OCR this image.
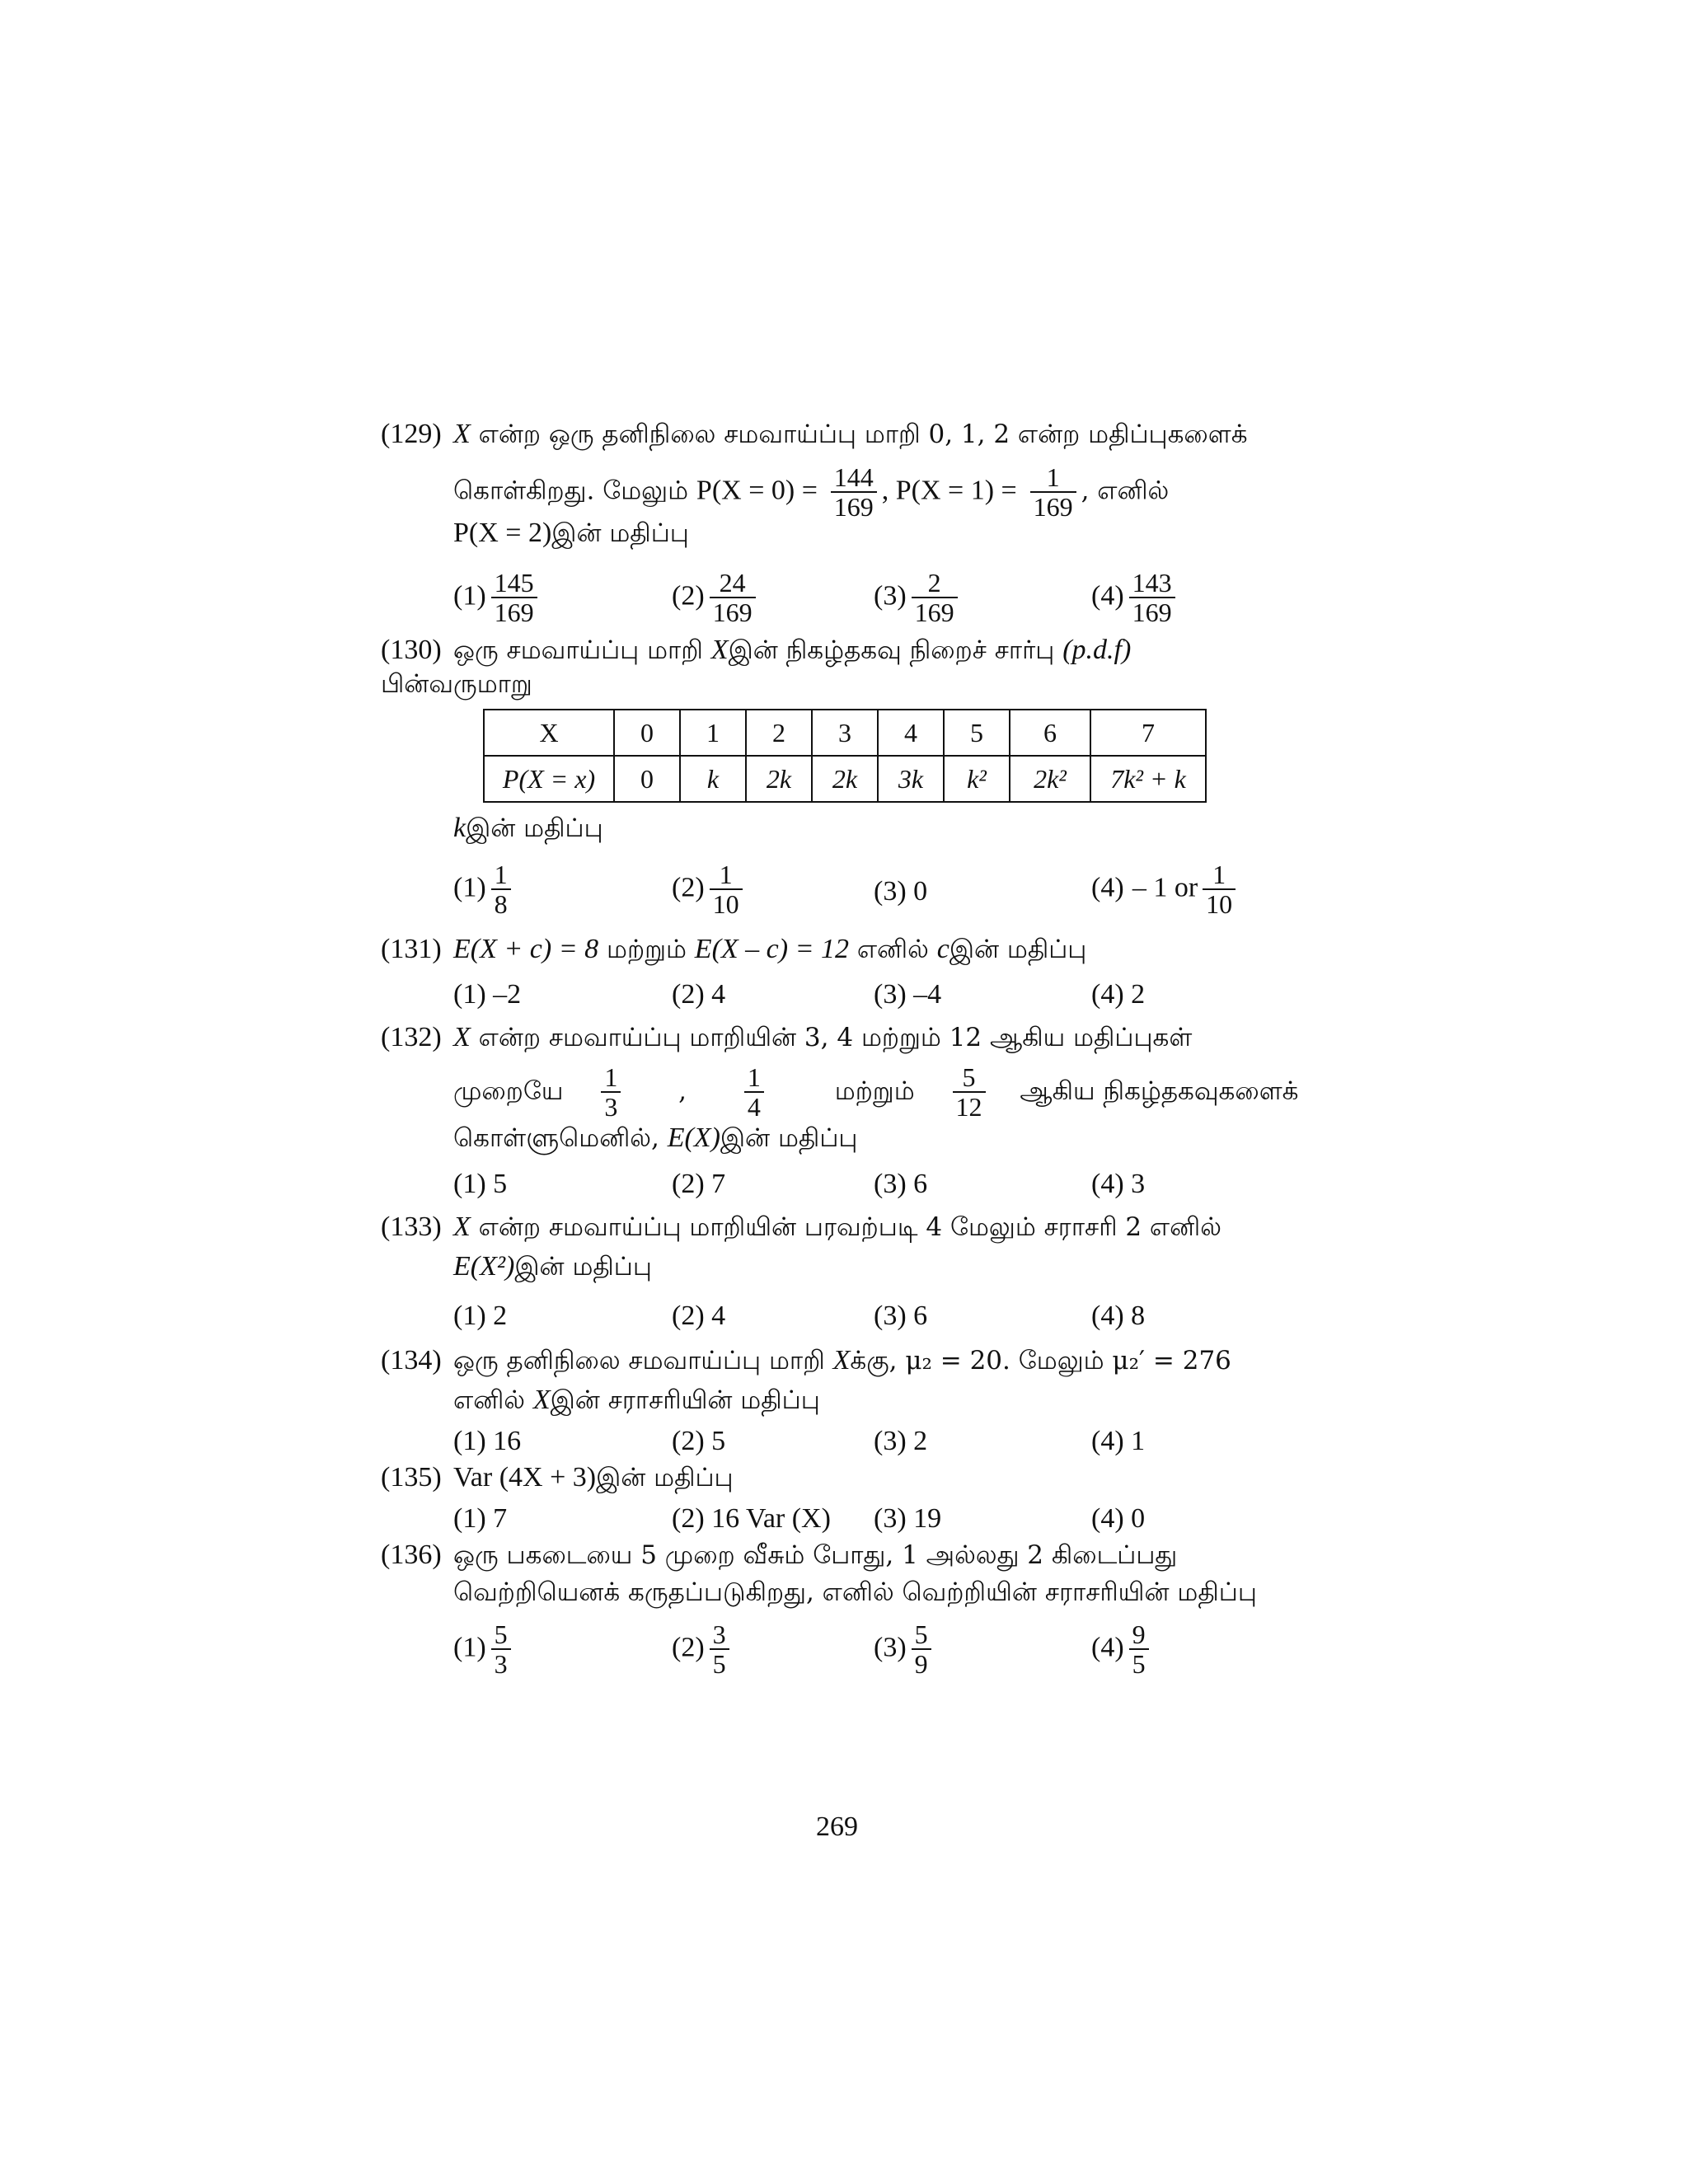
(129) X என்ற ஒரு தனிநிலை சமவாய்ப்பு மாறி 0, 1, 2 என்ற மதிப்புகளைக்
கொள்கிறது. மேலும் $P(X = 0) = \frac{144}{169}$ , $P(X = 1) = \frac{1}{169}$ , எனில்
P(X = 2)இன் மதிப்பு
$(1) \frac{145}{169}$	$(2) \frac{24}{169}$	$(3) \frac{2}{169}$	$(4) \frac{143}{169}$
(130) ஒரு சமவாய்ப்பு மாறி Xஇன் நிகழ்தகவு நிறைச் சார்பு (p.d.f)
பின்வருமாறு
X	0	1	2	3	4	5	6	7
P(X = x)	0	k	2k	2k	3k	k²	2k²	7k² + k
kஇன் மதிப்பு
$(1) \frac{1}{8}$	$(2) \frac{1}{10}$	(3) 0	(4) – 1 or $\frac{1}{10}$
(131) E(X + c) = 8 மற்றும் E(X – c) = 12 எனில் cஇன் மதிப்பு
(1) –2	(2) 4	(3) –4	(4) 2
(132) X என்ற சமவாய்ப்பு மாறியின் 3, 4 மற்றும் 12 ஆகிய மதிப்புகள்
முறையே $\frac{1}{3}$ , $\frac{1}{4}$	மற்றும் $\frac{5}{12}$ ஆகிய நிகழ்தகவுகளைக்
கொள்ளுமெனில், E(X)இன் மதிப்பு
(1) 5	(2) 7	(3) 6	(4) 3
(133) X என்ற சமவாய்ப்பு மாறியின் பரவற்படி 4 மேலும் சராசரி 2 எனில்
E(X²)இன் மதிப்பு
(1) 2	(2) 4	(3) 6	(4) 8
(134) ஒரு தனிநிலை சமவாய்ப்பு மாறி Xக்கு, μ₂ = 20. மேலும் μ₂′ = 276
எனில் Xஇன் சராசரியின் மதிப்பு
(1) 16	(2) 5	(3) 2	(4) 1
(135) Var (4X + 3)இன் மதிப்பு
(1) 7	(2) 16 Var (X) (3) 19	(4) 0
(136) ஒரு பகடையை 5 முறை வீசும் போது, 1 அல்லது 2 கிடைப்பது
வெற்றியெனக் கருதப்படுகிறது, எனில் வெற்றியின் சராசரியின் மதிப்பு
$(1) \frac{5}{3}$	$(2) \frac{3}{5}$	$(3) \frac{5}{9}$	$(4) \frac{9}{5}$
269
